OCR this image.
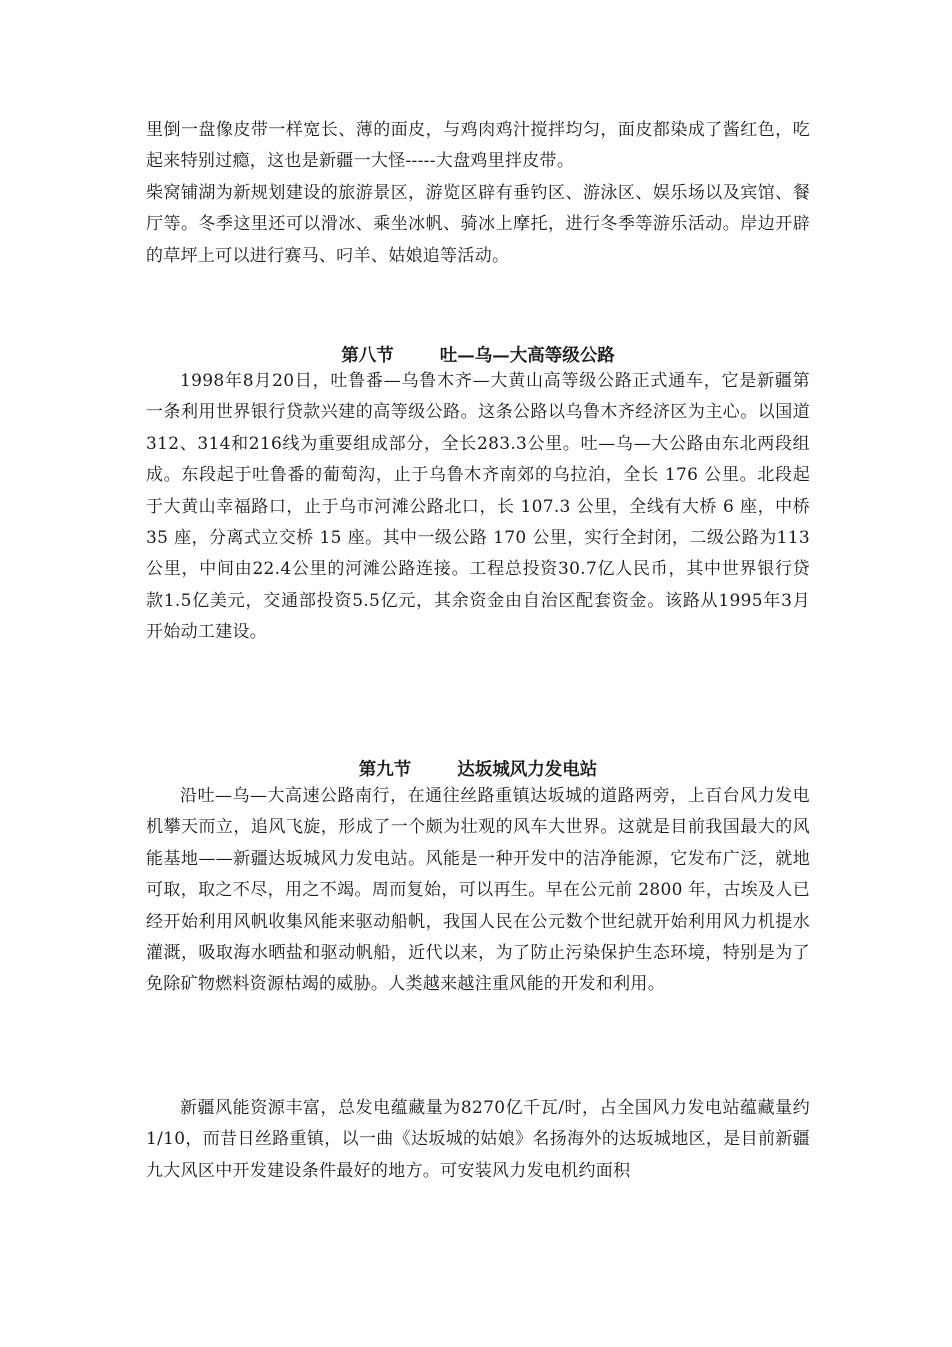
里倒一盘像皮带一样宽长、薄的面皮，与鸡肉鸡汁搅拌均匀，面皮都染成了酱红色，吃起来特别过瘾，这也是新疆一大怪-----大盘鸡里拌皮带。

柴窝铺湖为新规划建设的旅游景区，游览区辟有垂钓区、游泳区、娱乐场以及宾馆、餐厅等。冬季这里还可以滑冰、乘坐冰帆、骑冰上摩托，进行冬季等游乐活动。岸边开辟的草坪上可以进行赛马、叼羊、姑娘追等活动。

第八节	吐—乌—大高等级公路

1998年8月20日，吐鲁番—乌鲁木齐—大黄山高等级公路正式通车，它是新疆第一条利用世界银行贷款兴建的高等级公路。这条公路以乌鲁木齐经济区为主心。以国道312、314和216线为重要组成部分，全长283.3公里。吐—乌—大公路由东北两段组成。东段起于吐鲁番的葡萄沟，止于乌鲁木齐南郊的乌拉泊，全长 176 公里。北段起于大黄山幸福路口，止于乌市河滩公路北口，长 107.3 公里，全线有大桥 6 座，中桥 35 座，分离式立交桥 15 座。其中一级公路 170 公里，实行全封闭，二级公路为113公里，中间由22.4公里的河滩公路连接。工程总投资30.7亿人民币，其中世界银行贷款1.5亿美元，交通部投资5.5亿元，其余资金由自治区配套资金。该路从1995年3月开始动工建设。

第九节	达坂城风力发电站

沿吐—乌—大高速公路南行，在通往丝路重镇达坂城的道路两旁，上百台风力发电机攀天而立，追风飞旋，形成了一个颇为壮观的风车大世界。这就是目前我国最大的风能基地——新疆达坂城风力发电站。风能是一种开发中的洁净能源，它发布广泛，就地可取，取之不尽，用之不竭。周而复始，可以再生。早在公元前 2800 年，古埃及人已经开始利用风帆收集风能来驱动船帆，我国人民在公元数个世纪就开始利用风力机提水灌溉，吸取海水晒盐和驱动帆船，近代以来，为了防止污染保护生态环境，特别是为了免除矿物燃料资源枯竭的威胁。人类越来越注重风能的开发和利用。

新疆风能资源丰富，总发电蕴藏量为8270亿千瓦/时，占全国风力发电站蕴藏量约 1/10，而昔日丝路重镇，以一曲《达坂城的姑娘》名扬海外的达坂城地区，是目前新疆九大风区中开发建设条件最好的地方。可安装风力发电机约面积
